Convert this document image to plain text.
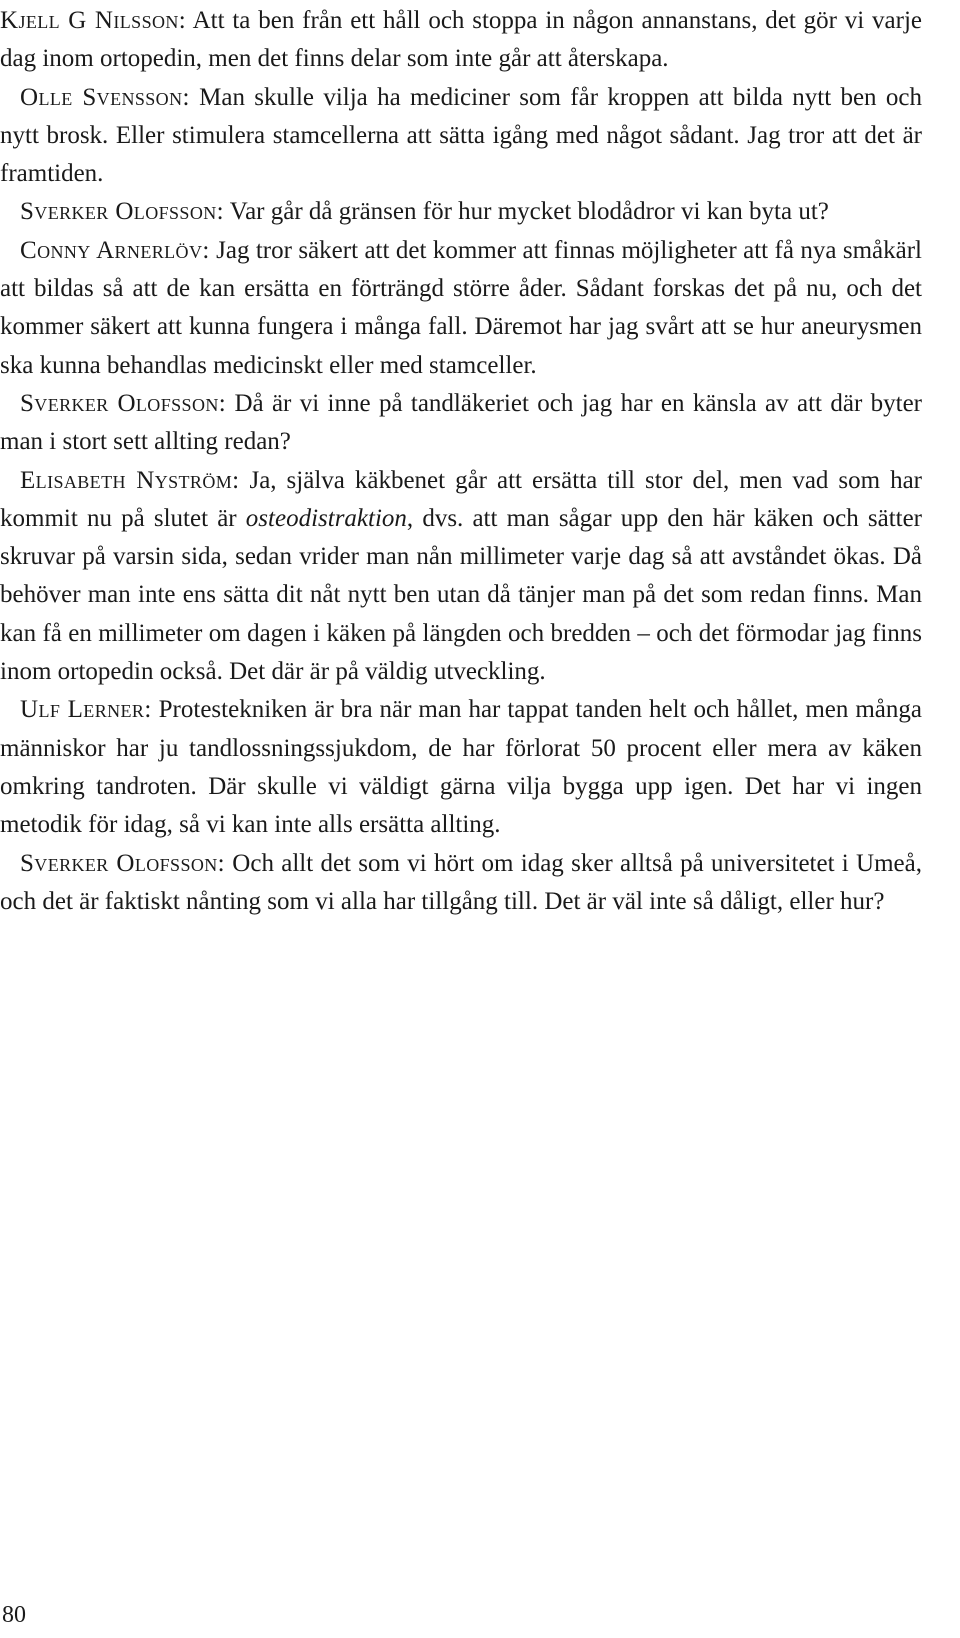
Kjell G Nilsson: Att ta ben från ett håll och stoppa in någon annanstans, det gör vi varje dag inom ortopedin, men det finns delar som inte går att återskapa.

Olle Svensson: Man skulle vilja ha mediciner som får kroppen att bilda nytt ben och nytt brosk. Eller stimulera stamcellerna att sätta igång med något sådant. Jag tror att det är framtiden.

Sverker Olofsson: Var går då gränsen för hur mycket blodådror vi kan byta ut?

Conny Arnerlöv: Jag tror säkert att det kommer att finnas möjligheter att få nya småkärl att bildas så att de kan ersätta en förträngd större åder. Sådant forskas det på nu, och det kommer säkert att kunna fungera i många fall. Däremot har jag svårt att se hur aneurysmen ska kunna behandlas medicinskt eller med stamceller.

Sverker Olofsson: Då är vi inne på tandläkeriet och jag har en känsla av att där byter man i stort sett allting redan?

Elisabeth Nyström: Ja, själva käkbenet går att ersätta till stor del, men vad som har kommit nu på slutet är osteodistraktion, dvs. att man sågar upp den här käken och sätter skruvar på varsin sida, sedan vrider man nån millimeter varje dag så att avståndet ökas. Då behöver man inte ens sätta dit nåt nytt ben utan då tänjer man på det som redan finns. Man kan få en millimeter om dagen i käken på längden och bredden – och det förmodar jag finns inom ortopedin också. Det där är på väldig utveckling.

Ulf Lerner: Protestekniken är bra när man har tappat tanden helt och hållet, men många människor har ju tandlossningssjukdom, de har förlorat 50 procent eller mera av käken omkring tandroten. Där skulle vi väldigt gärna vilja bygga upp igen. Det har vi ingen metodik för idag, så vi kan inte alls ersätta allting.

Sverker Olofsson: Och allt det som vi hört om idag sker alltså på universitetet i Umeå, och det är faktiskt nånting som vi alla har tillgång till. Det är väl inte så dåligt, eller hur?

80
